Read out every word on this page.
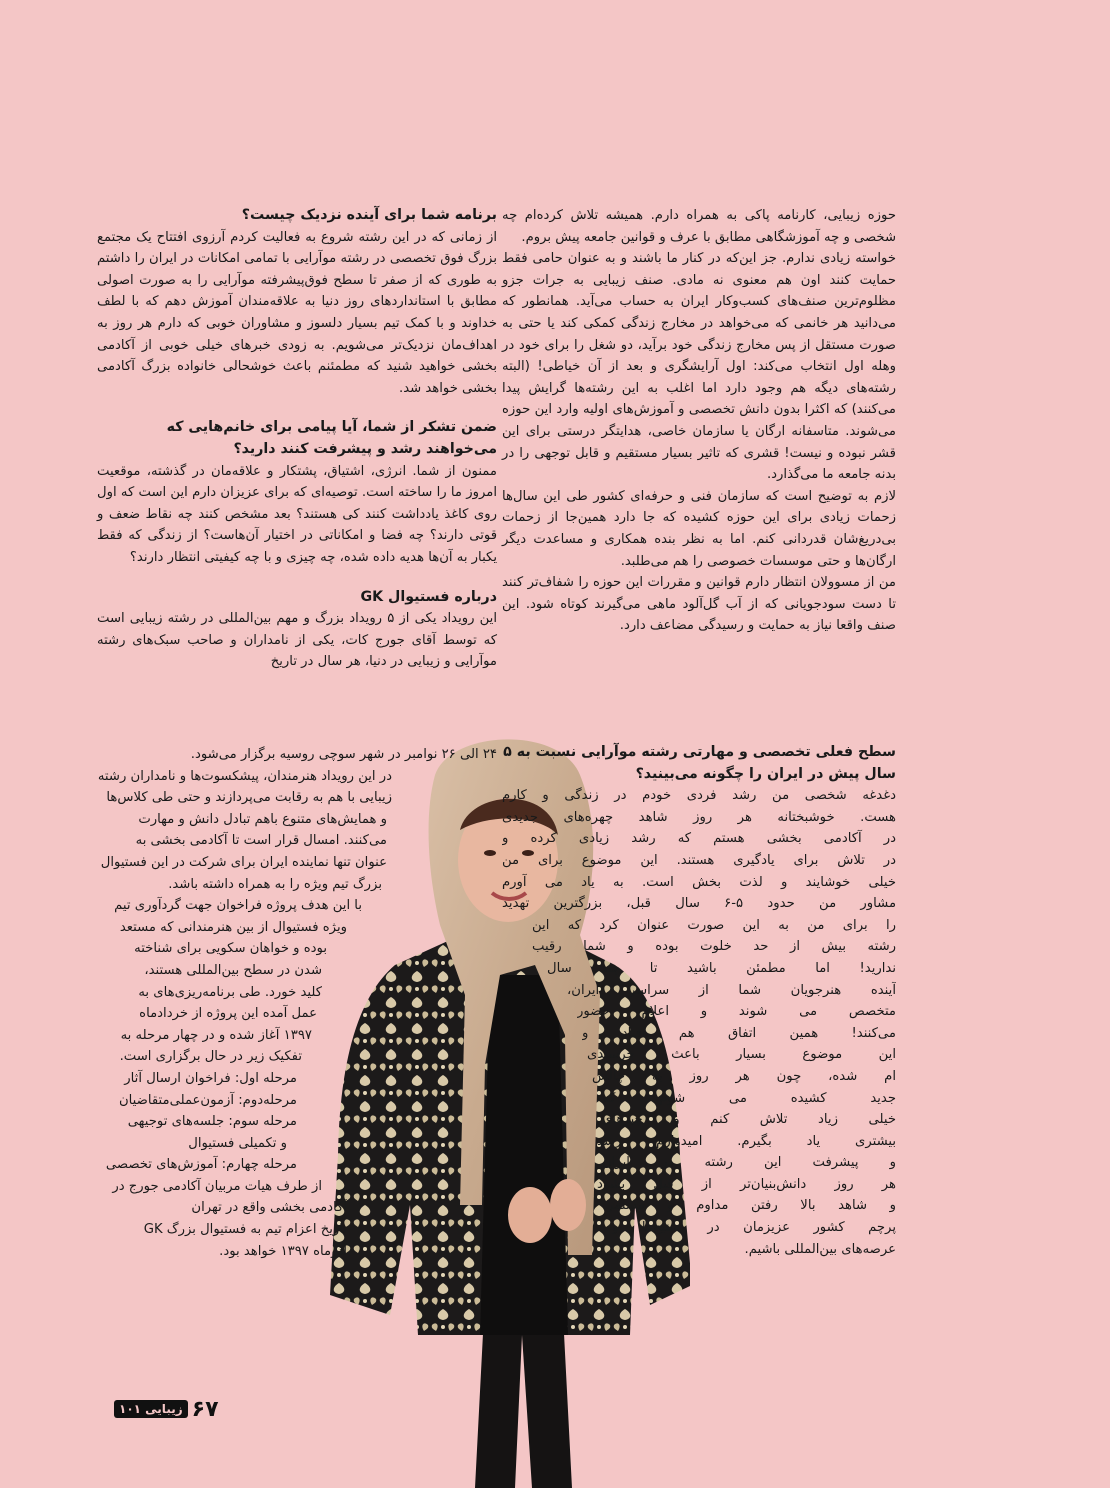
حوزه زیبایی، کارنامه پاکی به همراه دارم. همیشه تلاش کرده‌ام چه شخصی و چه آموزشگاهی مطابق با عرف و قوانین جامعه پیش بروم.

خواسته زیادی ندارم. جز این‌که در کنار ما باشند و به عنوان حامی فقط حمایت کنند اون هم معنوی نه مادی. صنف زیبایی به جرات جزو مظلوم‌ترین صنف‌های کسب‌وکار ایران به حساب می‌آید. همانطور که می‌دانید هر خانمی که می‌خواهد در مخارج زندگی کمکی کند یا حتی به صورت مستقل از پس مخارج زندگی خود برآید، دو شغل را برای خود در وهله اول انتخاب می‌کند: اول آرایشگری و بعد از آن خیاطی! (البته رشته‌های دیگه هم وجود دارد اما اغلب به این رشته‌ها گرایش پیدا می‌کنند) که اکثرا بدون دانش تخصصی و آموزش‌های اولیه وارد این حوزه می‌شوند. متاسفانه ارگان یا سازمان خاصی، هدایتگر درستی برای این قشر نبوده و نیست! قشری که تاثیر بسیار مستقیم و قابل توجهی را در بدنه جامعه ما می‌گذارد.

لازم به توضیح است که سازمان فنی و حرفه‌ای کشور طی این سال‌ها زحمات زیادی برای این حوزه کشیده که جا دارد همین‌جا از زحمات بی‌دریغ‌شان قدردانی کنم. اما به نظر بنده همکاری و مساعدت دیگر ارگان‌ها و حتی موسسات خصوصی را هم می‌طلبد.

من از مسوولان انتظار دارم قوانین و مقررات این حوزه را شفاف‌تر کنند تا دست سودجویانی که از آب گل‌آلود ماهی می‌گیرند کوتاه شود. این صنف واقعا نیاز به حمایت و رسیدگی مضاعف دارد.

سطح فعلی تخصصی و مهارتی رشته موآرایی نسبت به ۵ سال پیش در ایران را چگونه می‌بینید؟
دغدغه شخصی من رشد فردی خودم در زندگی و کارم
هست. خوشبختانه هر روز شاهد چهره‌های جدیدی
در آکادمی بخشی هستم که رشد زیادی کرده و
در تلاش برای یادگیری هستند. این موضوع برای من
خیلی خوشایند و لذت بخش است. به یاد می آورم
مشاور من حدود ۵-۶ سال قبل، بزرگترین تهدید
را برای من به این صورت عنوان کرد که این
رشته بیش از حد خلوت بوده و شما رقیب
ندارید! اما مطمئن باشید تا چند سال
آینده هنرجویان شما از سراسر ایران،
متخصص می شوند و اعلام حضور
می‌کنند! همین اتفاق هم افتاد و
این موضوع بسیار باعث خرسندی
ام شده، چون هر روز به چالش
جدید کشیده می شوم که
خیلی زیاد تلاش کنم و چیزهای
بیشتری یاد بگیرم. امیدوارم رشد
و پیشرفت این رشته در ایران
هر روز دانش‌بنیان‌تر از قبل بشود
و شاهد بالا رفتن مداوم و مستمر
پرچم کشور عزیزمان در استیج‌ها و
عرصه‌های بین‌المللی باشیم.
برنامه شما برای آینده نزدیک چیست؟

از زمانی که در این رشته شروع به فعالیت کردم آرزوی افتتاح یک مجتمع بزرگ فوق تخصصی در رشته موآرایی با تمامی امکانات در ایران را داشتم به طوری که از صفر تا سطح فوق‌پیشرفته موآرایی را به صورت اصولی مطابق با استانداردهای روز دنیا به علاقه‌مندان آموزش دهم که با لطف خداوند و با کمک تیم بسیار دلسوز و مشاوران خوبی که دارم هر روز به اهداف‌مان نزدیک‌تر می‌شویم. به زودی خبرهای خیلی خوبی از آکادمی بخشی خواهید شنید که مطمئنم باعث خوشحالی خانواده بزرگ آکادمی بخشی خواهد شد.

ضمن تشکر از شما، آیا پیامی برای خانم‌هایی که می‌خواهند رشد و پیشرفت کنند دارید؟

ممنون از شما. انرژی، اشتیاق، پشتکار و علاقه‌مان در گذشته، موقعیت امروز ما را ساخته است. توصیه‌ای که برای عزیزان دارم این است که اول روی کاغذ یادداشت کنند کی هستند؟ بعد مشخص کنند چه نقاط ضعف و قوتی دارند؟ چه فضا و امکاناتی در اختیار آن‌هاست؟ از زندگی که فقط یکبار به آن‌ها هدیه داده شده، چه چیزی و با چه کیفیتی انتظار دارند؟

درباره فستیوال GK

این رویداد یکی از ۵ رویداد بزرگ و مهم بین‌المللی در رشته زیبایی است که توسط آقای جورج کات، یکی از نامداران و صاحب سبک‌های رشته موآرایی و زیبایی در دنیا، هر سال در تاریخ

۲۴ الی ۲۶ نوامبر در شهر سوچی روسیه برگزار می‌شود.
در این رویداد هنرمندان، پیشکسوت‌ها و نامداران رشته
زیبایی با هم به رقابت می‌پردازند و حتی طی کلاس‌ها
و همایش‌های متنوع باهم تبادل دانش و مهارت
می‌کنند. امسال قرار است تا آکادمی بخشی به
عنوان تنها نماینده ایران برای شرکت در این فستیوال
بزرگ تیم ویژه را به همراه داشته باشد.
با این هدف پروژه فراخوان جهت گردآوری تیم
ویژه فستیوال از بین هنرمندانی که مستعد
بوده و خواهان سکویی برای شناخته
شدن در سطح بین‌المللی هستند،
کلید خورد. طی برنامه‌ریزی‌های به
عمل آمده این پروژه از خردادماه
۱۳۹۷ آغاز شده و در چهار مرحله به
تفکیک زیر در حال برگزاری است.
مرحله اول: فراخوان ارسال آثار
مرحله‌دوم: آزمون‌عملی‌متقاضیان
مرحله سوم: جلسه‌های توجیهی
و تکمیلی فستیوال
مرحله چهارم: آموزش‌های تخصصی
از طرف هیات مربیان آکادمی جورج در
آکادمی بخشی واقع در تهران
تاریخ اعزام تیم به فستیوال بزرگ GK
آذرماه ۱۳۹۷ خواهد بود.
زیبایی ۱۰۱ ۶۷
